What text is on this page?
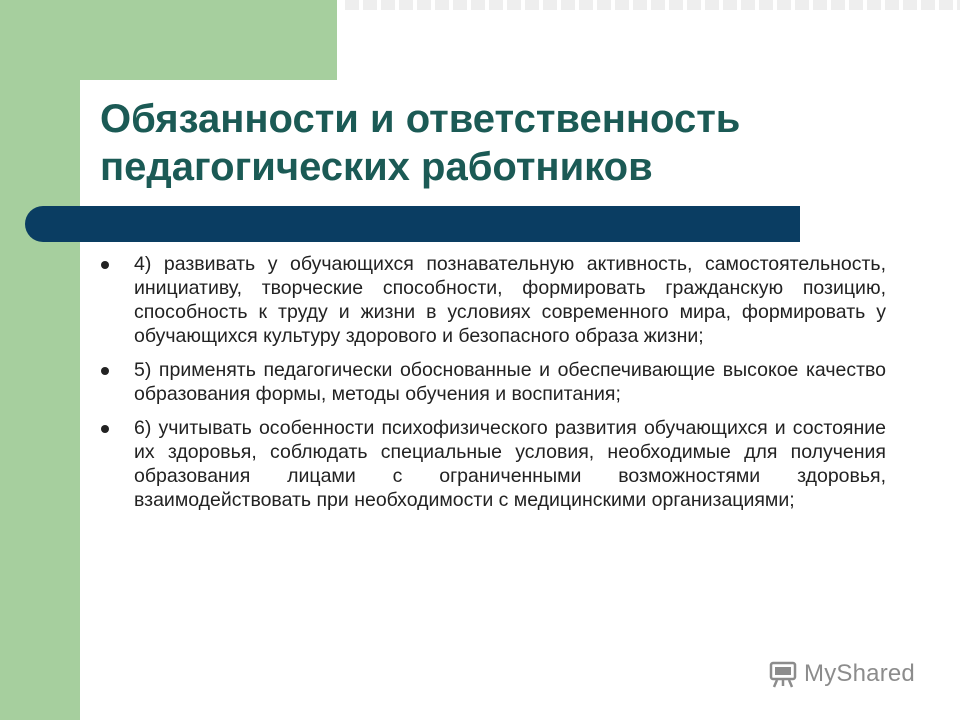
Обязанности и ответственность
педагогических работников
4) развивать у обучающихся познавательную активность, самостоятельность, инициативу, творческие способности, формировать гражданскую позицию, способность к труду и жизни в условиях современного мира, формировать у обучающихся культуру здорового и безопасного образа жизни;
5) применять педагогически обоснованные и обеспечивающие высокое качество образования формы, методы обучения и воспитания;
6) учитывать особенности психофизического развития обучающихся и состояние их здоровья, соблюдать специальные условия, необходимые для получения образования лицами с ограниченными возможностями здоровья, взаимодействовать при необходимости с медицинскими организациями;
MyShared
